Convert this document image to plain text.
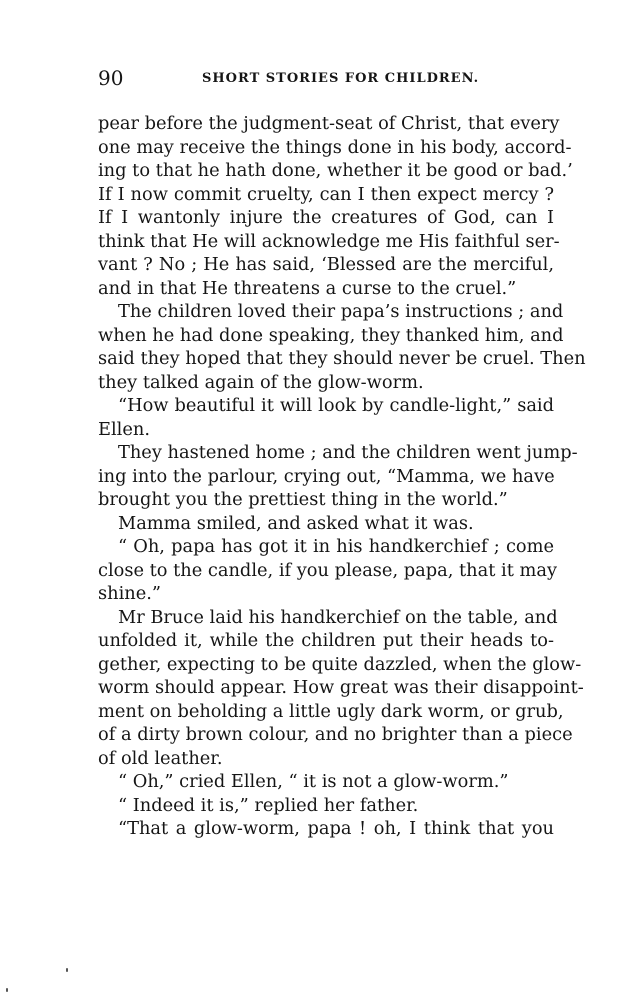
90	SHORT STORIES FOR CHILDREN.
pear before the judgment-seat of Christ, that every
one may receive the things done in his body, accord-
ing to that he hath done, whether it be good or bad.’
If I now commit cruelty, can I then expect mercy ?
If I wantonly injure the creatures of God, can I
think that He will acknowledge me His faithful ser-
vant ? No ; He has said, ‘Blessed are the merciful,
and in that He threatens a curse to the cruel.”
The children loved their papa’s instructions ; and
when he had done speaking, they thanked him, and
said they hoped that they should never be cruel. Then
they talked again of the glow-worm.
“How beautiful it will look by candle-light,” said
Ellen.
They hastened home ; and the children went jump-
ing into the parlour, crying out, “Mamma, we have
brought you the prettiest thing in the world.”
Mamma smiled, and asked what it was.
“ Oh, papa has got it in his handkerchief ; come
close to the candle, if you please, papa, that it may
shine.”
Mr Bruce laid his handkerchief on the table, and
unfolded it, while the children put their heads to-
gether, expecting to be quite dazzled, when the glow-
worm should appear. How great was their disappoint-
ment on beholding a little ugly dark worm, or grub,
of a dirty brown colour, and no brighter than a piece
of old leather.
“ Oh,” cried Ellen, “ it is not a glow-worm.”
“ Indeed it is,” replied her father.
“That a glow-worm, papa ! oh, I think that you
